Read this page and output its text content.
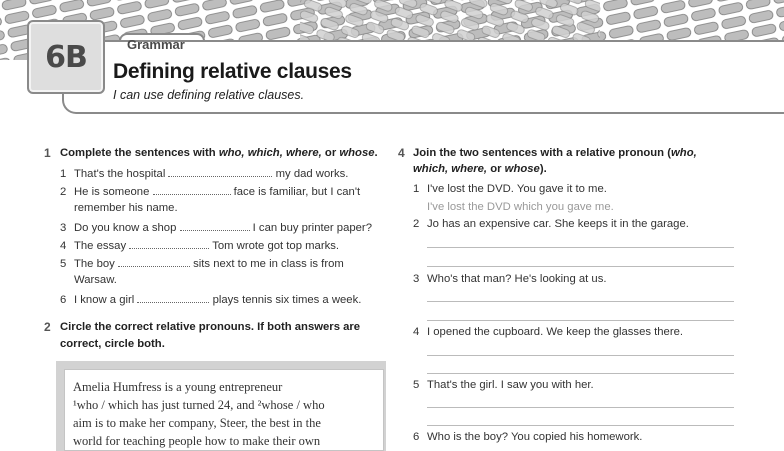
6B	Grammar
Defining relative clauses
I can use defining relative clauses.
1 Complete the sentences with who, which, where, or whose.
1 That's the hospital	my dad works.
2 He is someone	face is familiar, but I can't
remember his name.
3 Do you know a shop	I can buy printer paper?
4 The essay	Tom wrote got top marks.
5 The boy	sits next to me in class is from
Warsaw.
6 I know a girl	plays tennis six times a week.
2 Circle the correct relative pronouns. If both answers are
correct, circle both.
Amelia Humfress is a young entrepreneur
¹who / which has just turned 24, and ²whose / who
aim is to make her company, Steer, the best in the
world for teaching people how to make their own
4 Join the two sentences with a relative pronoun (who,
which, where, or whose).
1 I've lost the DVD. You gave it to me.
I've lost the DVD which you gave me.
2 Jo has an expensive car. She keeps it in the garage.
3 Who's that man? He's looking at us.
4 I opened the cupboard. We keep the glasses there.
5 That's the girl. I saw you with her.
6 Who is the boy? You copied his homework.
